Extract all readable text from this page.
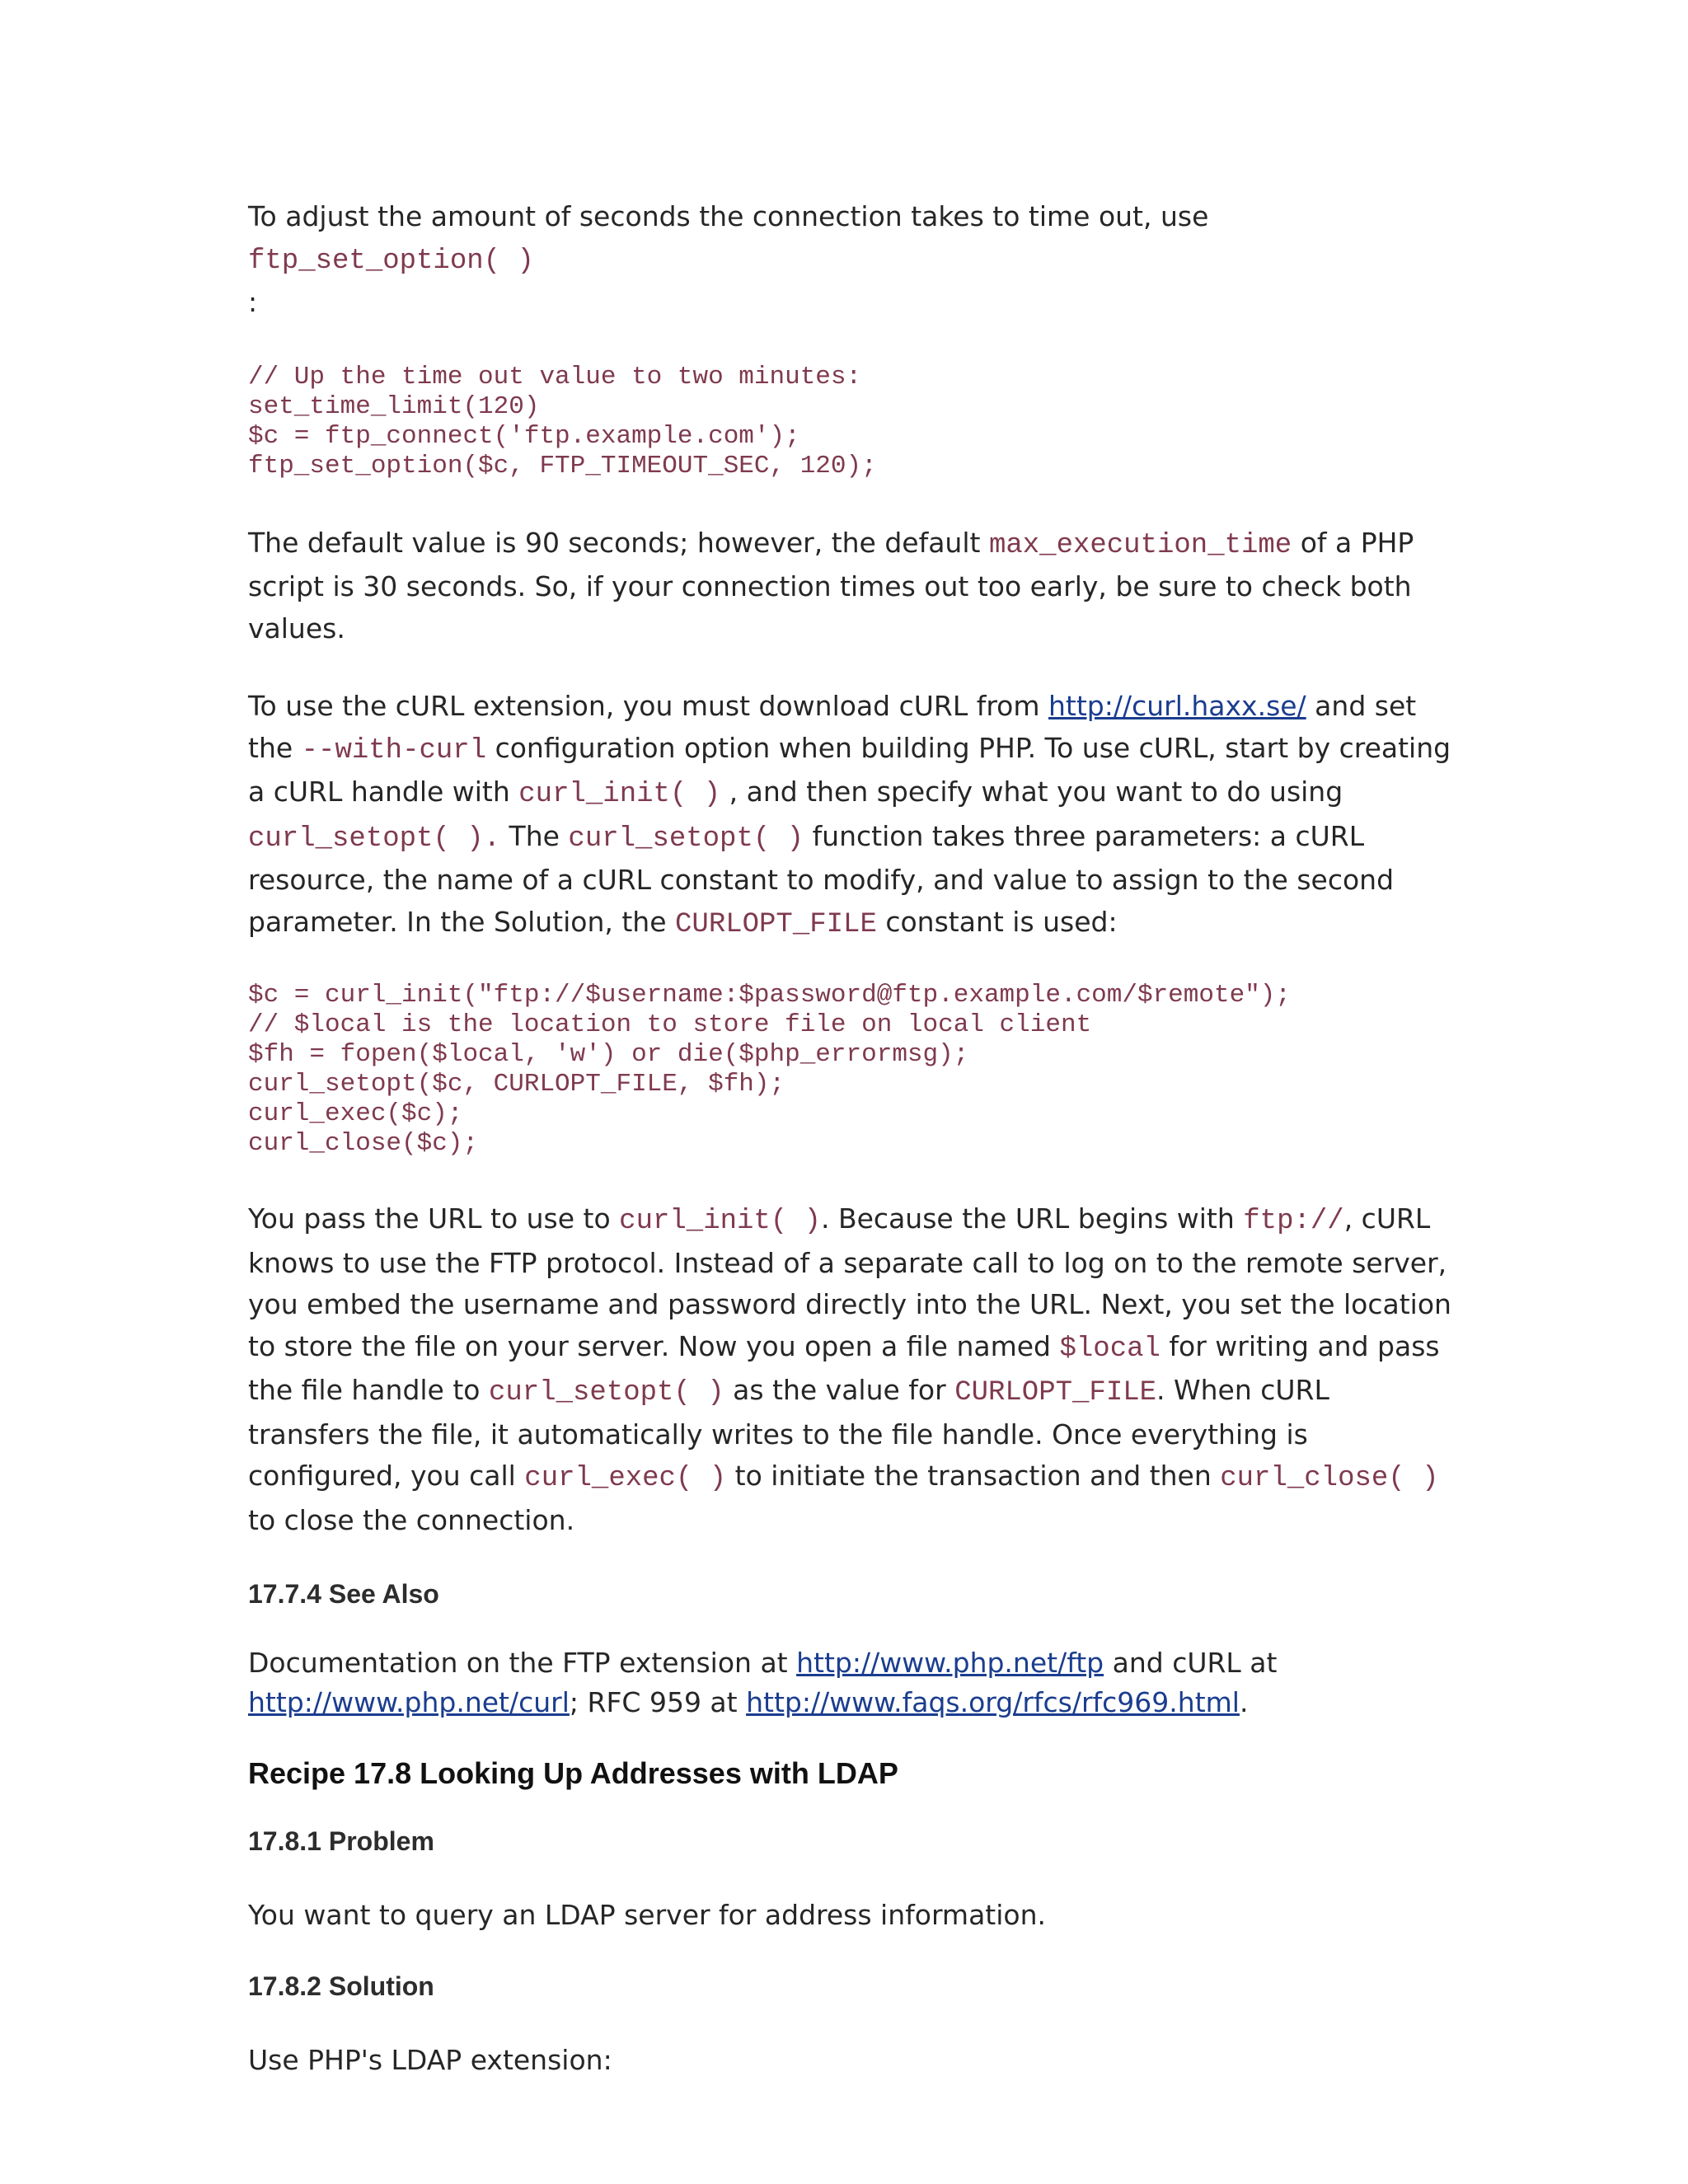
To adjust the amount of seconds the connection takes to time out, use ftp_set_option( )
:

// Up the time out value to two minutes:
set_time_limit(120)
$c = ftp_connect('ftp.example.com');
ftp_set_option($c, FTP_TIMEOUT_SEC, 120);

The default value is 90 seconds; however, the default max_execution_time of a PHP script is 30 seconds. So, if your connection times out too early, be sure to check both values.

To use the cURL extension, you must download cURL from http://curl.haxx.se/ and set the --with-curl configuration option when building PHP. To use cURL, start by creating a cURL handle with curl_init( ) , and then specify what you want to do using curl_setopt( ). The curl_setopt( ) function takes three parameters: a cURL resource, the name of a cURL constant to modify, and value to assign to the second parameter. In the Solution, the CURLOPT_FILE constant is used:

$c = curl_init("ftp://$username:$password@ftp.example.com/$remote");
// $local is the location to store file on local client
$fh = fopen($local, 'w') or die($php_errormsg);
curl_setopt($c, CURLOPT_FILE, $fh);
curl_exec($c);
curl_close($c);

You pass the URL to use to curl_init( ). Because the URL begins with ftp://, cURL knows to use the FTP protocol. Instead of a separate call to log on to the remote server, you embed the username and password directly into the URL. Next, you set the location to store the file on your server. Now you open a file named $local for writing and pass the file handle to curl_setopt( ) as the value for CURLOPT_FILE. When cURL transfers the file, it automatically writes to the file handle. Once everything is configured, you call curl_exec( ) to initiate the transaction and then curl_close( ) to close the connection.

17.7.4 See Also

Documentation on the FTP extension at http://www.php.net/ftp and cURL at
http://www.php.net/curl; RFC 959 at http://www.faqs.org/rfcs/rfc969.html.

Recipe 17.8 Looking Up Addresses with LDAP
17.8.1 Problem

You want to query an LDAP server for address information.

17.8.2 Solution

Use PHP's LDAP extension:
